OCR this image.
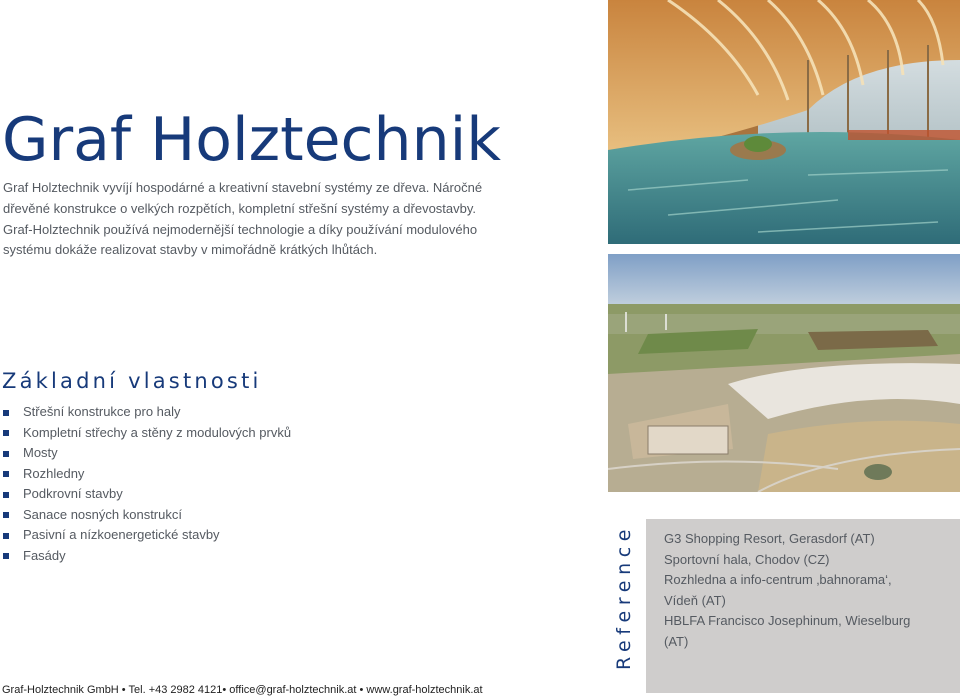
Graf Holztechnik

Graf Holztechnik vyvíjí hospodárné a kreativní stavební systémy ze dřeva. Náročné dřevěné konstrukce o velkých rozpětích, kompletní střešní systémy a dřevostavby. Graf-Holztechnik používá nejmodernější technologie a díky používání modulového systému dokáže realizovat stavby v mimořádně krátkých lhůtách.

Základní vlastnosti
Střešní konstrukce pro haly
Kompletní střechy a stěny z modulových prvků
Mosty
Rozhledny
Podkrovní stavby
Sanace nosných konstrukcí
Pasivní a nízkoenergetické stavby
Fasády

Graf-Holztechnik GmbH • Tel. +43 2982 4121• office@graf-holztechnik.at • www.graf-holztechnik.at

Reference G3 Shopping Resort, Gerasdorf (AT)
Sportovní hala, Chodov (CZ)
Rozhledna a info-centrum ‚bahnorama‘, Vídeň (AT)
HBLFA Francisco Josephinum, Wieselburg (AT)
